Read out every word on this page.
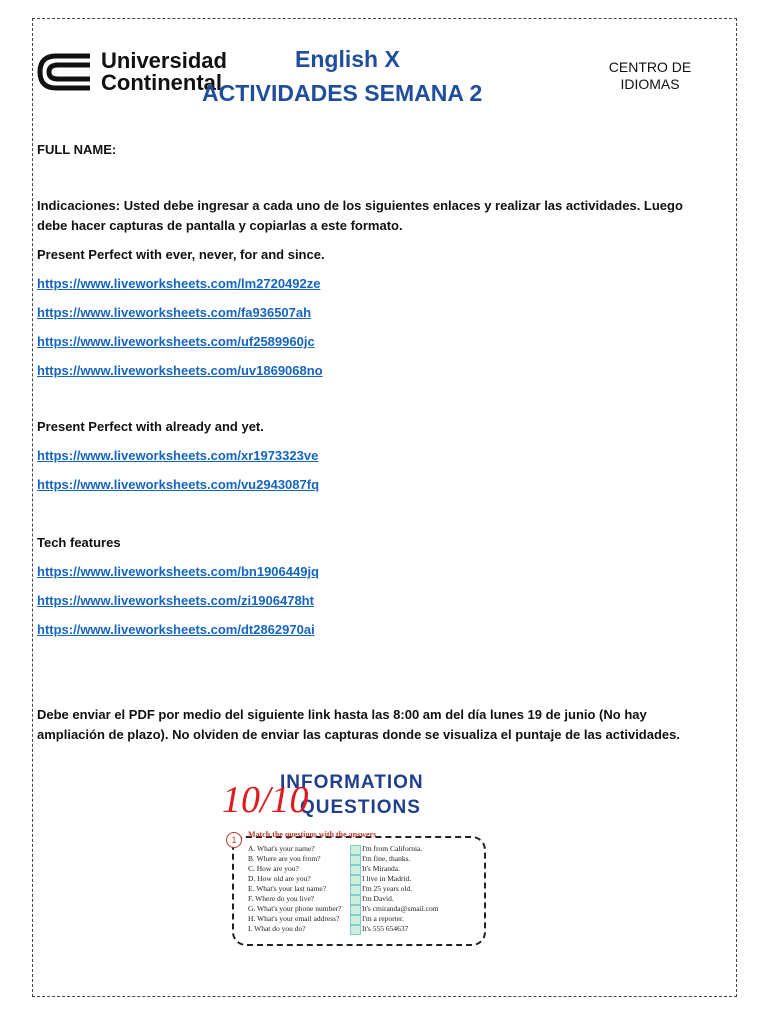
Universidad
Continental
English X
ACTIVIDADES SEMANA 2
CENTRO DE
IDIOMAS
FULL NAME:
Indicaciones: Usted debe ingresar a cada uno de los siguientes enlaces y realizar las actividades. Luego debe hacer capturas de pantalla y copiarlas a este formato.
Present Perfect with ever, never, for and since.
https://www.liveworksheets.com/lm2720492ze
https://www.liveworksheets.com/fa936507ah
https://www.liveworksheets.com/uf2589960jc
https://www.liveworksheets.com/uv1869068no
Present Perfect with already and yet.
https://www.liveworksheets.com/xr1973323ve
https://www.liveworksheets.com/vu2943087fq
Tech features
https://www.liveworksheets.com/bn1906449jq
https://www.liveworksheets.com/zi1906478ht
https://www.liveworksheets.com/dt2862970ai
Debe enviar el PDF por medio del siguiente link hasta las 8:00 am del día lunes 19 de junio (No hay ampliación de plazo). No olviden de enviar las capturas donde se visualiza el puntaje de las actividades.
INFORMATION
QUESTIONS
10/10
1
Match the questions with the answers
A. What's your name?
B. Where are you from?
C. How are you?
D. How old are you?
E. What's your last name?
F. Where do you live?
G. What's your phone number?
H. What's your email address?
I. What do you do?
I'm from California.
I'm fine, thanks.
It's Miranda.
I live in Madrid.
I'm 25 years old.
I'm David.
It's cmiranda@smail.com
I'm a reporter.
It's 555 654637
